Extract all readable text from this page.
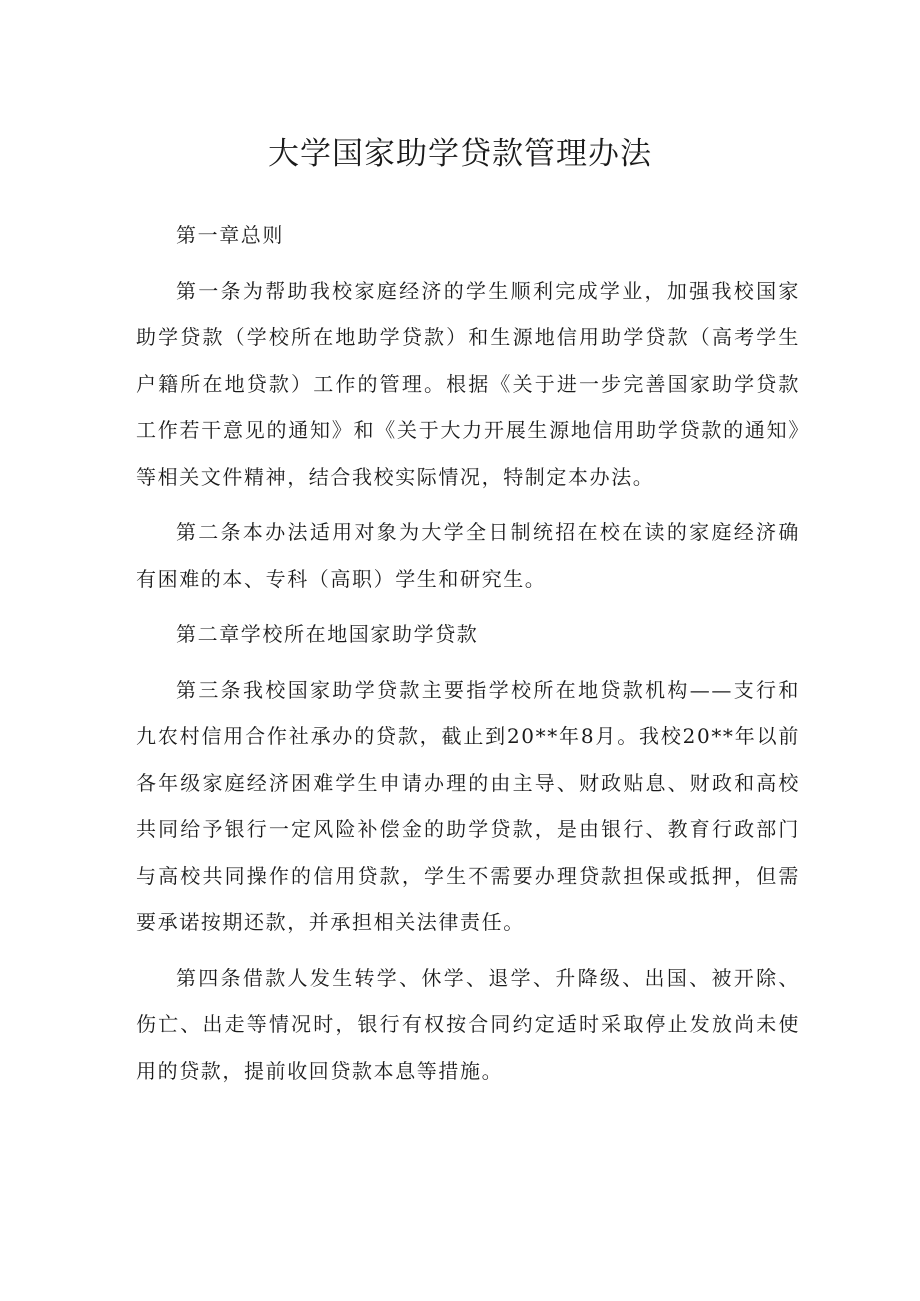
大学国家助学贷款管理办法

第一章总则

第一条为帮助我校家庭经济的学生顺利完成学业，加强我校国家助学贷款（学校所在地助学贷款）和生源地信用助学贷款（高考学生户籍所在地贷款）工作的管理。根据《关于进一步完善国家助学贷款工作若干意见的通知》和《关于大力开展生源地信用助学贷款的通知》等相关文件精神，结合我校实际情况，特制定本办法。

第二条本办法适用对象为大学全日制统招在校在读的家庭经济确有困难的本、专科（高职）学生和研究生。

第二章学校所在地国家助学贷款

第三条我校国家助学贷款主要指学校所在地贷款机构——支行和九农村信用合作社承办的贷款，截止到20**年8月。我校20**年以前各年级家庭经济困难学生申请办理的由主导、财政贴息、财政和高校共同给予银行一定风险补偿金的助学贷款，是由银行、教育行政部门与高校共同操作的信用贷款，学生不需要办理贷款担保或抵押，但需要承诺按期还款，并承担相关法律责任。

第四条借款人发生转学、休学、退学、升降级、出国、被开除、伤亡、出走等情况时，银行有权按合同约定适时采取停止发放尚未使用的贷款，提前收回贷款本息等措施。
